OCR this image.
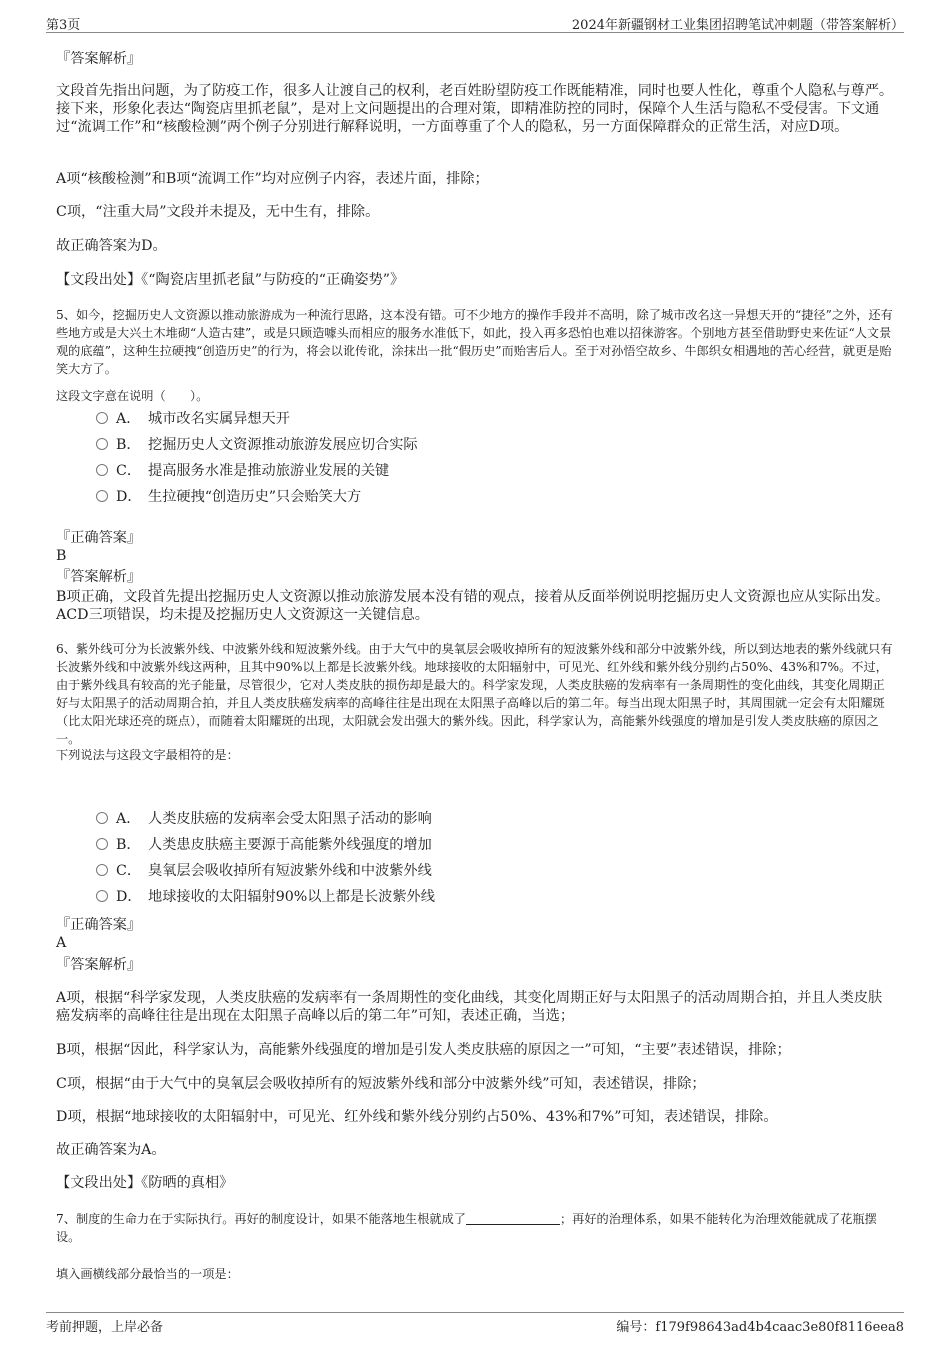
第3页	2024年新疆钢材工业集团招聘笔试冲刺题（带答案解析）

『答案解析』

文段首先指出问题，为了防疫工作，很多人让渡自己的权利，老百姓盼望防疫工作既能精准，同时也要人性化，尊重个人隐私与尊严。接下来，形象化表达“陶瓷店里抓老鼠”，是对上文问题提出的合理对策，即精准防控的同时，保障个人生活与隐私不受侵害。下文通过“流调工作”和“核酸检测”两个例子分别进行解释说明，一方面尊重了个人的隐私，另一方面保障群众的正常生活，对应D项。

A项“核酸检测”和B项“流调工作”均对应例子内容，表述片面，排除；

C项，“注重大局”文段并未提及，无中生有，排除。

故正确答案为D。

【文段出处】《“陶瓷店里抓老鼠”与防疫的“正确姿势”》

5、如今，挖掘历史人文资源以推动旅游成为一种流行思路，这本没有错。可不少地方的操作手段并不高明，除了城市改名这一异想天开的“捷径”之外，还有些地方或是大兴土木堆砌“人造古建”，或是只顾造噱头而相应的服务水准低下，如此，投入再多恐怕也难以招徕游客。个别地方甚至借助野史来佐证“人文景观的底蕴”，这种生拉硬拽“创造历史”的行为，将会以讹传讹，涂抹出一批“假历史”而贻害后人。至于对孙悟空故乡、牛郎织女相遇地的苦心经营，就更是贻笑大方了。

这段文字意在说明（　　）。

A． 城市改名实属异想天开
B． 挖掘历史人文资源推动旅游发展应切合实际
C． 提高服务水准是推动旅游业发展的关键
D． 生拉硬拽“创造历史”只会贻笑大方

『正确答案』

B

『答案解析』

B项正确，文段首先提出挖掘历史人文资源以推动旅游发展本没有错的观点，接着从反面举例说明挖掘历史人文资源也应从实际出发。ACD三项错误，均未提及挖掘历史人文资源这一关键信息。

6、紫外线可分为长波紫外线、中波紫外线和短波紫外线。由于大气中的臭氧层会吸收掉所有的短波紫外线和部分中波紫外线，所以到达地表的紫外线就只有长波紫外线和中波紫外线这两种，且其中90%以上都是长波紫外线。地球接收的太阳辐射中，可见光、红外线和紫外线分别约占50%、43%和7%。不过，由于紫外线具有较高的光子能量，尽管很少，它对人类皮肤的损伤却是最大的。科学家发现，人类皮肤癌的发病率有一条周期性的变化曲线，其变化周期正好与太阳黑子的活动周期合拍，并且人类皮肤癌发病率的高峰往往是出现在太阳黑子高峰以后的第二年。每当出现太阳黑子时，其周围就一定会有太阳耀斑（比太阳光球还亮的斑点），而随着太阳耀斑的出现，太阳就会发出强大的紫外线。因此，科学家认为，高能紫外线强度的增加是引发人类皮肤癌的原因之一。

下列说法与这段文字最相符的是：

A． 人类皮肤癌的发病率会受太阳黑子活动的影响
B． 人类患皮肤癌主要源于高能紫外线强度的增加
C． 臭氧层会吸收掉所有短波紫外线和中波紫外线
D． 地球接收的太阳辐射90%以上都是长波紫外线

『正确答案』

A

『答案解析』

A项，根据“科学家发现，人类皮肤癌的发病率有一条周期性的变化曲线，其变化周期正好与太阳黑子的活动周期合拍，并且人类皮肤癌发病率的高峰往往是出现在太阳黑子高峰以后的第二年”可知，表述正确，当选；

B项，根据“因此，科学家认为，高能紫外线强度的增加是引发人类皮肤癌的原因之一”可知，“主要”表述错误，排除；

C项，根据“由于大气中的臭氧层会吸收掉所有的短波紫外线和部分中波紫外线”可知，表述错误，排除；

D项，根据“地球接收的太阳辐射中，可见光、红外线和紫外线分别约占50%、43%和7%”可知，表述错误，排除。

故正确答案为A。

【文段出处】《防晒的真相》

7、制度的生命力在于实际执行。再好的制度设计，如果不能落地生根就成了	；再好的治理体系，如果不能转化为治理效能就成了花瓶摆设。

填入画横线部分最恰当的一项是：

考前押题，上岸必备	编号：f179f98643ad4b4caac3e80f8116eea8
